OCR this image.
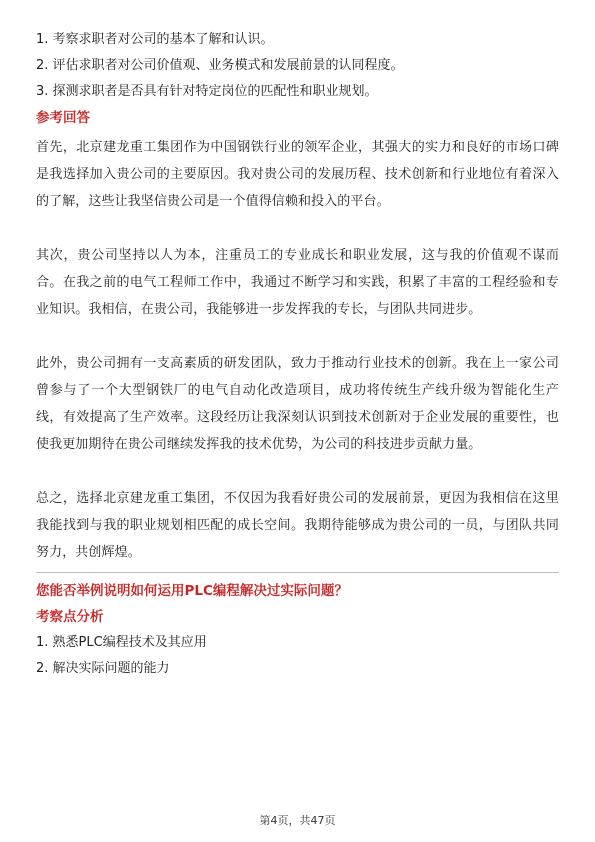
1. 考察求职者对公司的基本了解和认识。
2. 评估求职者对公司价值观、业务模式和发展前景的认同程度。
3. 探测求职者是否具有针对特定岗位的匹配性和职业规划。
参考回答
首先，北京建龙重工集团作为中国钢铁行业的领军企业，其强大的实力和良好的市场口碑是我选择加入贵公司的主要原因。我对贵公司的发展历程、技术创新和行业地位有着深入的了解，这些让我坚信贵公司是一个值得信赖和投入的平台。
其次，贵公司坚持以人为本，注重员工的专业成长和职业发展，这与我的价值观不谋而合。在我之前的电气工程师工作中，我通过不断学习和实践，积累了丰富的工程经验和专业知识。我相信，在贵公司，我能够进一步发挥我的专长，与团队共同进步。
此外，贵公司拥有一支高素质的研发团队，致力于推动行业技术的创新。我在上一家公司曾参与了一个大型钢铁厂的电气自动化改造项目，成功将传统生产线升级为智能化生产线，有效提高了生产效率。这段经历让我深刻认识到技术创新对于企业发展的重要性，也使我更加期待在贵公司继续发挥我的技术优势，为公司的科技进步贡献力量。
总之，选择北京建龙重工集团，不仅因为我看好贵公司的发展前景，更因为我相信在这里我能找到与我的职业规划相匹配的成长空间。我期待能够成为贵公司的一员，与团队共同努力，共创辉煌。
您能否举例说明如何运用PLC编程解决过实际问题？
考察点分析
1. 熟悉PLC编程技术及其应用
2. 解决实际问题的能力
第4页，共47页
